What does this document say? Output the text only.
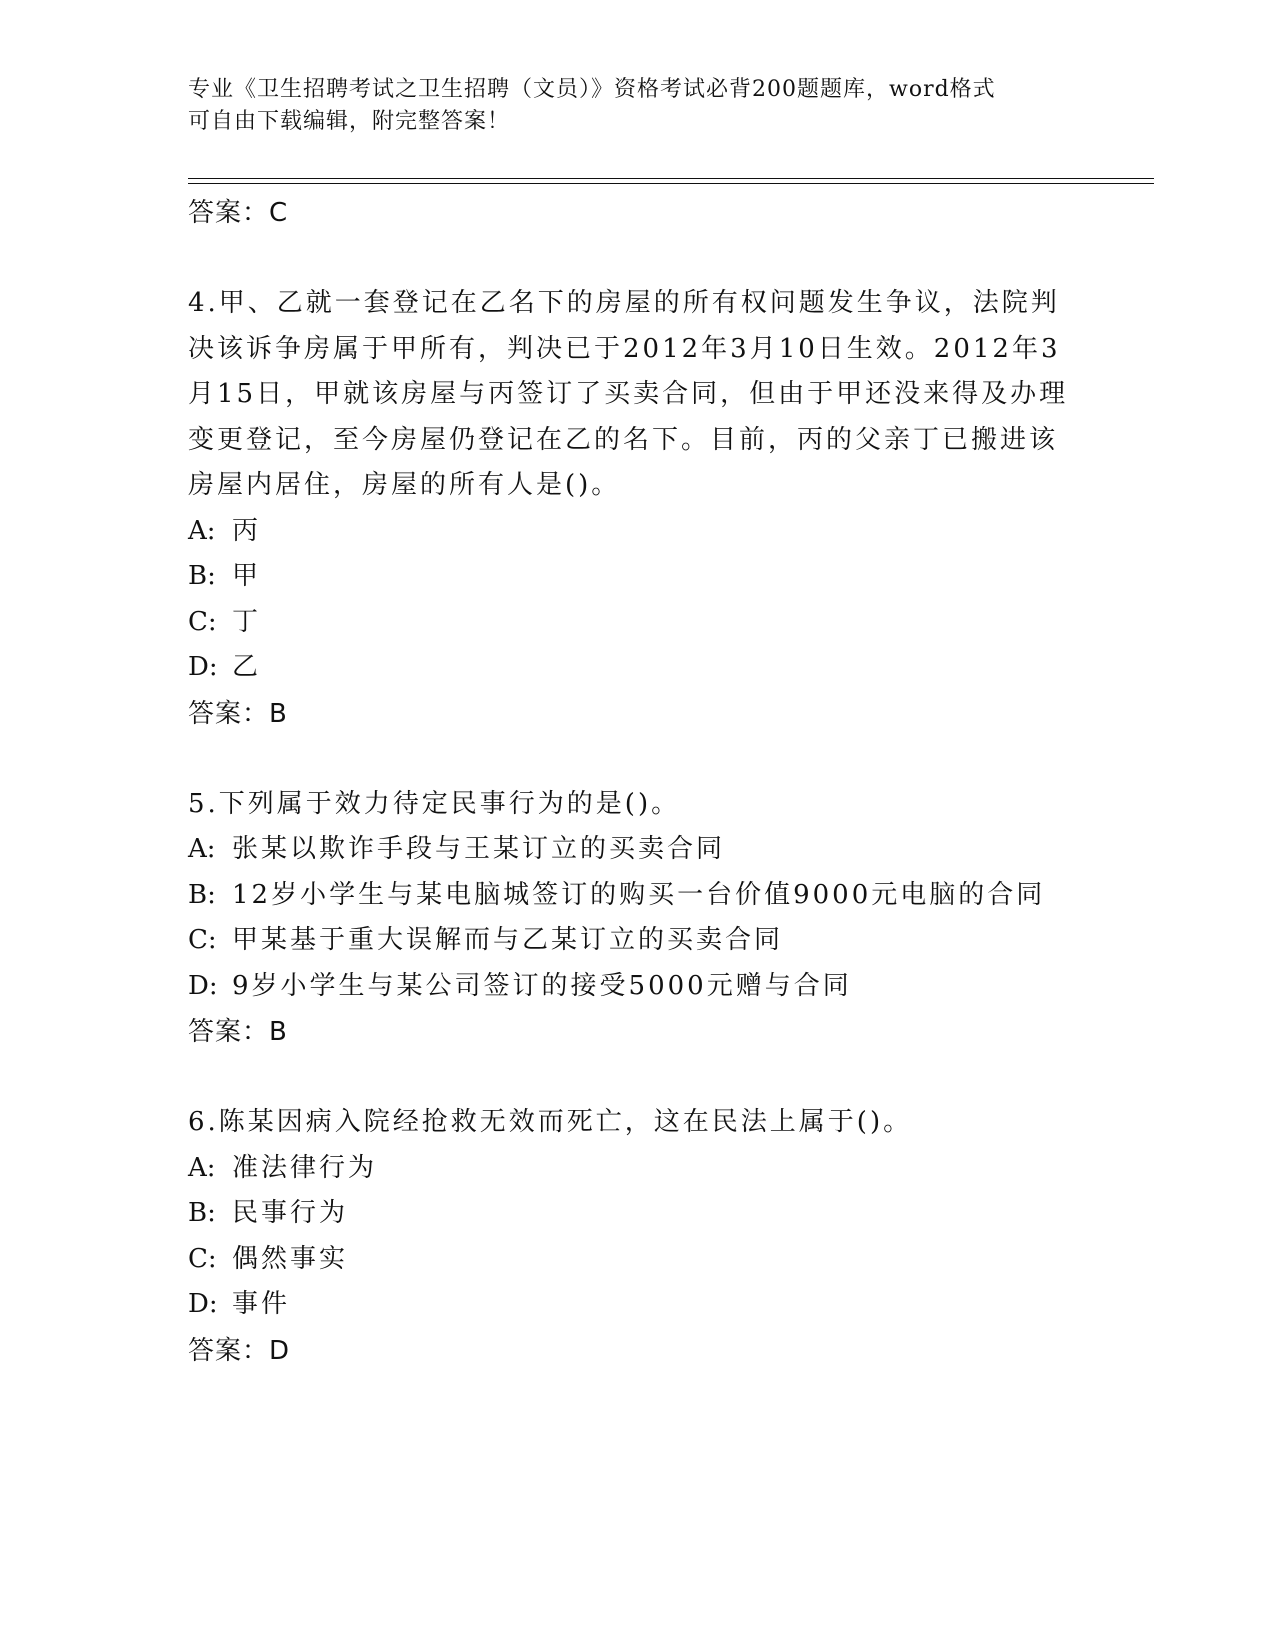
专业《卫生招聘考试之卫生招聘（文员）》资格考试必背200题题库，word格式
可自由下载编辑，附完整答案！
答案：C
4.甲、乙就一套登记在乙名下的房屋的所有权问题发生争议，法院判
决该诉争房属于甲所有，判决已于2012年3月10日生效。2012年3
月15日，甲就该房屋与丙签订了买卖合同，但由于甲还没来得及办理
变更登记，至今房屋仍登记在乙的名下。目前，丙的父亲丁已搬进该
房屋内居住，房屋的所有人是()。
A: 丙
B: 甲
C: 丁
D: 乙
答案：B
5.下列属于效力待定民事行为的是()。
A: 张某以欺诈手段与王某订立的买卖合同
B: 12岁小学生与某电脑城签订的购买一台价值9000元电脑的合同
C: 甲某基于重大误解而与乙某订立的买卖合同
D: 9岁小学生与某公司签订的接受5000元赠与合同
答案：B
6.陈某因病入院经抢救无效而死亡，这在民法上属于()。
A: 准法律行为
B: 民事行为
C: 偶然事实
D: 事件
答案：D
